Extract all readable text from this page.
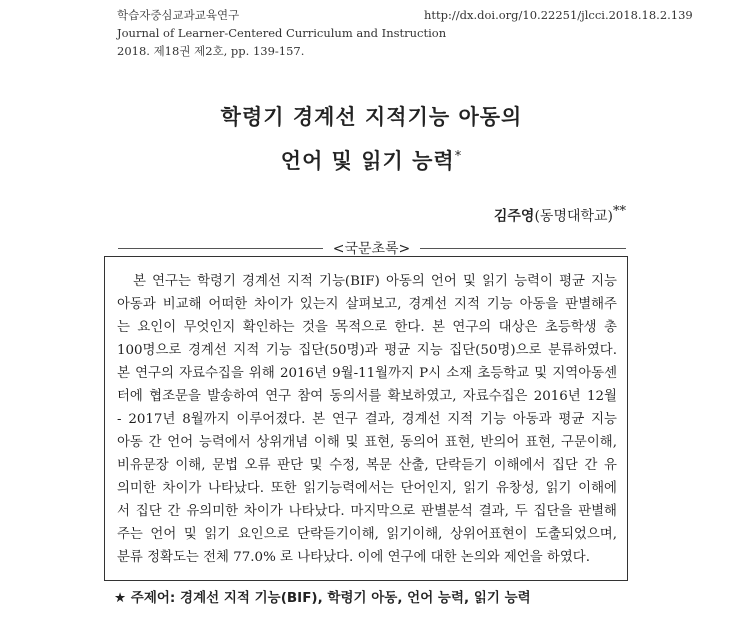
학습자중심교과교육연구
Journal of Learner-Centered Curriculum and Instruction
2018. 제18권 제2호, pp. 139-157.
http://dx.doi.org/10.22251/jlcci.2018.18.2.139
학령기 경계선 지적기능 아동의
언어 및 읽기 능력*
김주영(동명대학교)**
<국문초록>
본 연구는 학령기 경계선 지적 기능(BIF) 아동의 언어 및 읽기 능력이 평균 지능
아동과 비교해 어떠한 차이가 있는지 살펴보고, 경계선 지적 기능 아동을 판별해주
는 요인이 무엇인지 확인하는 것을 목적으로 한다. 본 연구의 대상은 초등학생 총
100명으로 경계선 지적 기능 집단(50명)과 평균 지능 집단(50명)으로 분류하였다.
본 연구의 자료수집을 위해 2016년 9월-11월까지 P시 소재 초등학교 및 지역아동센
터에 협조문을 발송하여 연구 참여 동의서를 확보하였고, 자료수집은 2016년 12월
- 2017년 8월까지 이루어졌다. 본 연구 결과, 경계선 지적 기능 아동과 평균 지능
아동 간 언어 능력에서 상위개념 이해 및 표현, 동의어 표현, 반의어 표현, 구문이해,
비유문장 이해, 문법 오류 판단 및 수정, 복문 산출, 단락듣기 이해에서 집단 간 유
의미한 차이가 나타났다. 또한 읽기능력에서는 단어인지, 읽기 유창성, 읽기 이해에
서 집단 간 유의미한 차이가 나타났다. 마지막으로 판별분석 결과, 두 집단을 판별해
주는 언어 및 읽기 요인으로 단락듣기이해, 읽기이해, 상위어표현이 도출되었으며,
분류 정확도는 전체 77.0% 로 나타났다. 이에 연구에 대한 논의와 제언을 하였다.
★ 주제어: 경계선 지적 기능(BIF), 학령기 아동, 언어 능력, 읽기 능력
